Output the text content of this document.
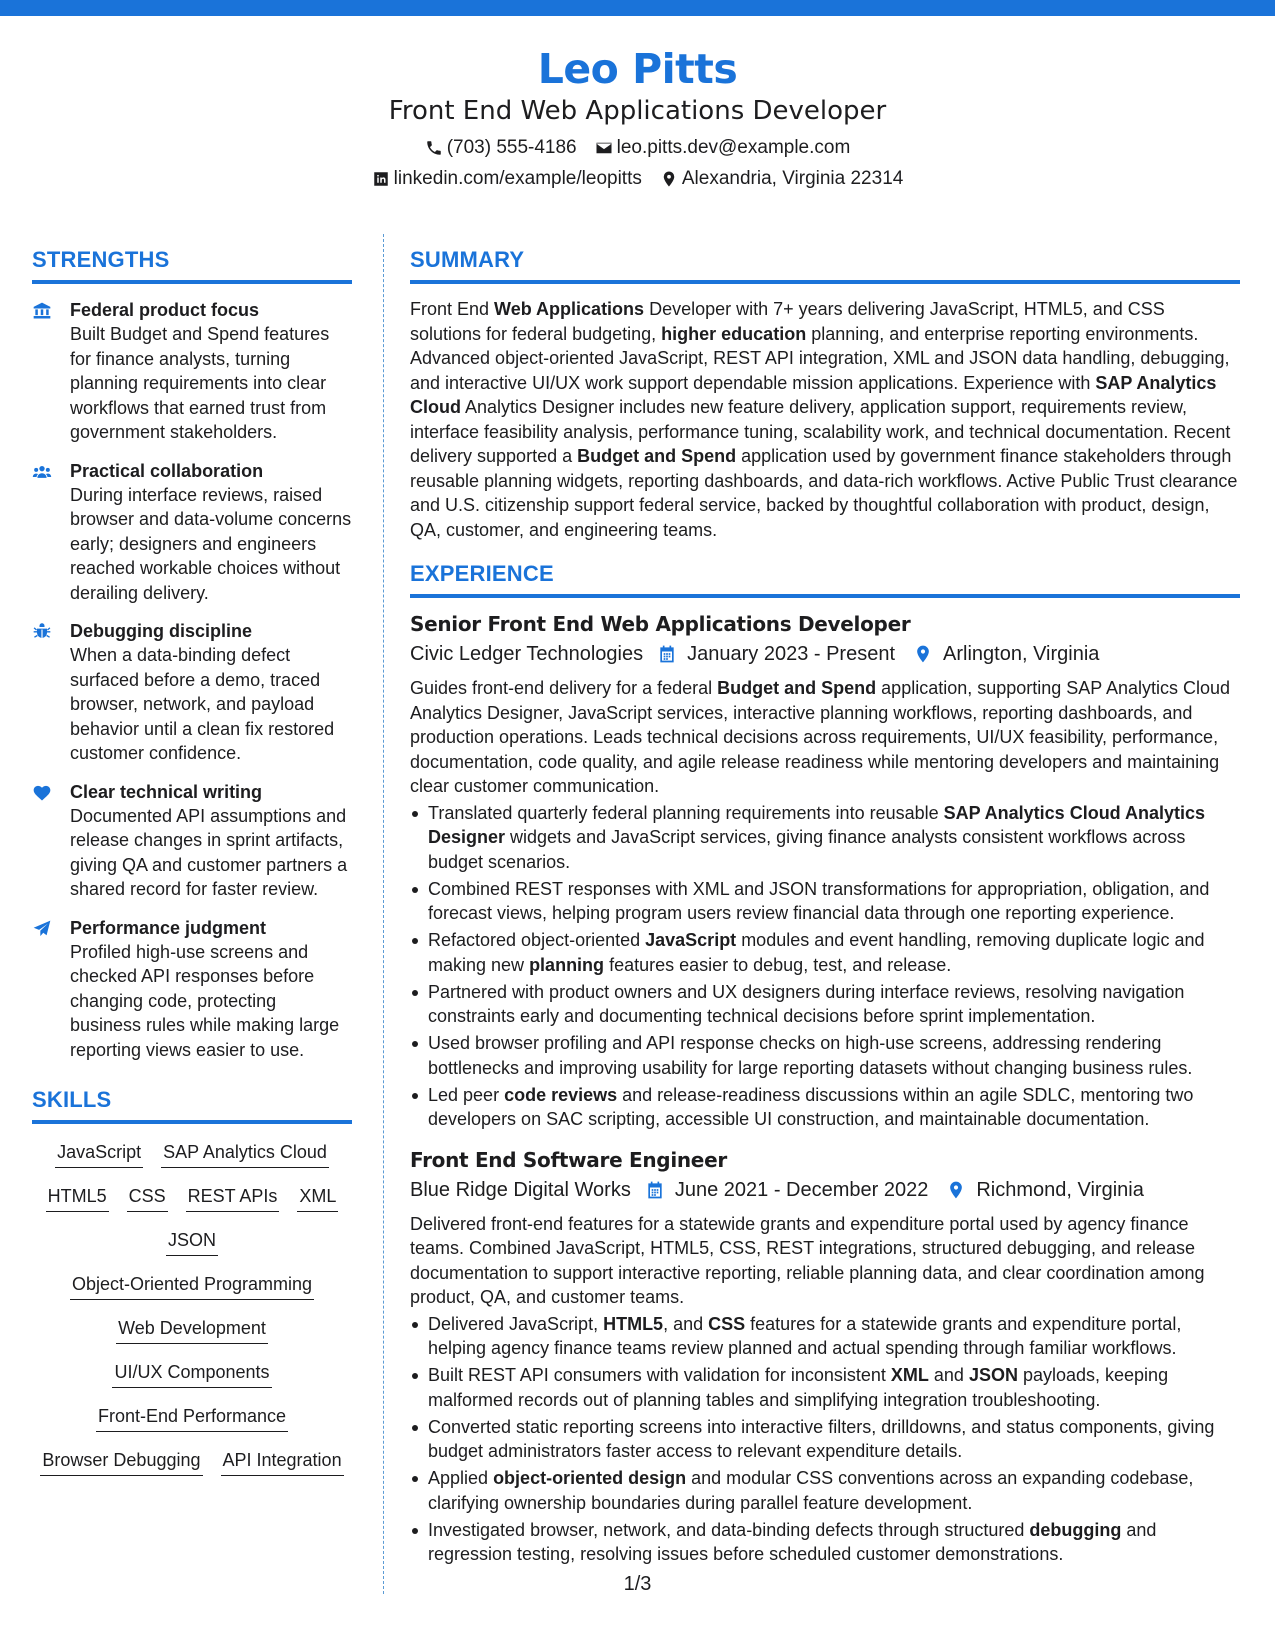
Leo Pitts
Front End Web Applications Developer
(703) 555-4186 leo.pitts.dev@example.com
linkedin.com/example/leopitts Alexandria, Virginia 22314
STRENGTHS
Federal product focus
Built Budget and Spend features for finance analysts, turning planning requirements into clear workflows that earned trust from government stakeholders.
Practical collaboration
During interface reviews, raised browser and data-volume concerns early; designers and engineers reached workable choices without derailing delivery.
Debugging discipline
When a data-binding defect surfaced before a demo, traced browser, network, and payload behavior until a clean fix restored customer confidence.
Clear technical writing
Documented API assumptions and release changes in sprint artifacts, giving QA and customer partners a shared record for faster review.
Performance judgment
Profiled high-use screens and checked API responses before changing code, protecting business rules while making large reporting views easier to use.
SKILLS
JavaScript SAP Analytics Cloud
HTML5 CSS REST APIs XML
JSON
Object-Oriented Programming
Web Development
UI/UX Components
Front-End Performance
Browser Debugging API Integration
SUMMARY
Front End Web Applications Developer with 7+ years delivering JavaScript, HTML5, and CSS solutions for federal budgeting, higher education planning, and enterprise reporting environments. Advanced object-oriented JavaScript, REST API integration, XML and JSON data handling, debugging, and interactive UI/UX work support dependable mission applications. Experience with SAP Analytics Cloud Analytics Designer includes new feature delivery, application support, requirements review, interface feasibility analysis, performance tuning, scalability work, and technical documentation. Recent delivery supported a Budget and Spend application used by government finance stakeholders through reusable planning widgets, reporting dashboards, and data-rich workflows. Active Public Trust clearance and U.S. citizenship support federal service, backed by thoughtful collaboration with product, design, QA, customer, and engineering teams.
EXPERIENCE
Senior Front End Web Applications Developer
Civic Ledger Technologies January 2023 - Present Arlington, Virginia
Guides front-end delivery for a federal Budget and Spend application, supporting SAP Analytics Cloud Analytics Designer, JavaScript services, interactive planning workflows, reporting dashboards, and production operations. Leads technical decisions across requirements, UI/UX feasibility, performance, documentation, code quality, and agile release readiness while mentoring developers and maintaining clear customer communication.
Translated quarterly federal planning requirements into reusable SAP Analytics Cloud Analytics Designer widgets and JavaScript services, giving finance analysts consistent workflows across budget scenarios.
Combined REST responses with XML and JSON transformations for appropriation, obligation, and forecast views, helping program users review financial data through one reporting experience.
Refactored object-oriented JavaScript modules and event handling, removing duplicate logic and making new planning features easier to debug, test, and release.
Partnered with product owners and UX designers during interface reviews, resolving navigation constraints early and documenting technical decisions before sprint implementation.
Used browser profiling and API response checks on high-use screens, addressing rendering bottlenecks and improving usability for large reporting datasets without changing business rules.
Led peer code reviews and release-readiness discussions within an agile SDLC, mentoring two developers on SAC scripting, accessible UI construction, and maintainable documentation.
Front End Software Engineer
Blue Ridge Digital Works June 2021 - December 2022 Richmond, Virginia
Delivered front-end features for a statewide grants and expenditure portal used by agency finance teams. Combined JavaScript, HTML5, CSS, REST integrations, structured debugging, and release documentation to support interactive reporting, reliable planning data, and clear coordination among product, QA, and customer teams.
Delivered JavaScript, HTML5, and CSS features for a statewide grants and expenditure portal, helping agency finance teams review planned and actual spending through familiar workflows.
Built REST API consumers with validation for inconsistent XML and JSON payloads, keeping malformed records out of planning tables and simplifying integration troubleshooting.
Converted static reporting screens into interactive filters, drilldowns, and status components, giving budget administrators faster access to relevant expenditure details.
Applied object-oriented design and modular CSS conventions across an expanding codebase, clarifying ownership boundaries during parallel feature development.
Investigated browser, network, and data-binding defects through structured debugging and regression testing, resolving issues before scheduled customer demonstrations.
1/3
